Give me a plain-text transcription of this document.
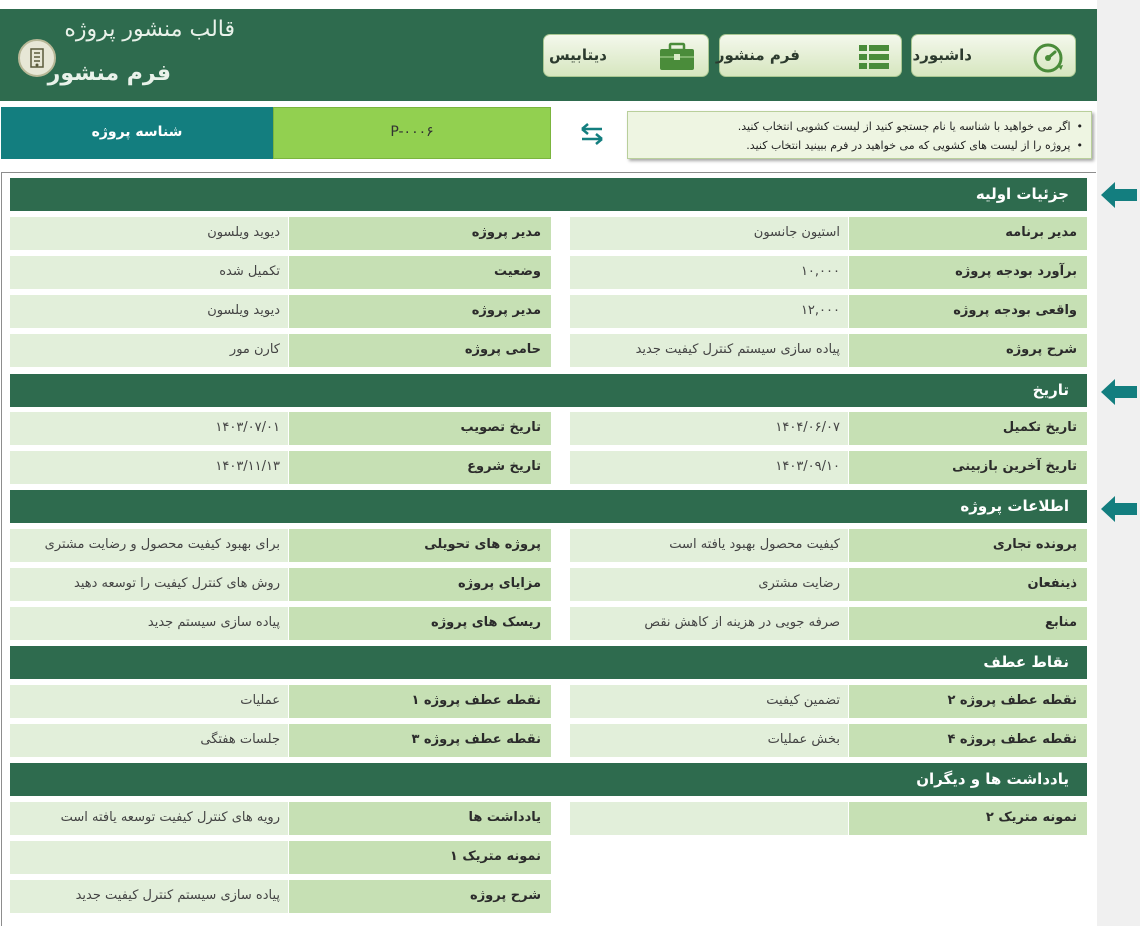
قالب منشور پروژه
فرم منشور
دیتابیس	فرم منشور	داشبورد
شناسه پروژه	P-۰۰۰۶
•	اگر می خواهید با شناسه یا نام جستجو کنید از لیست کشویی انتخاب کنید.
• پروژه را از لیست های کشویی که می خواهید در فرم ببینید انتخاب کنید.
جزئیات اولیه
مدیر برنامه
استیون جانسون
مدیر پروژه
دیوید ویلسون
برآورد بودجه پروژه
۱۰,۰۰۰
وضعیت
تکمیل شده
واقعی بودجه پروژه
۱۲,۰۰۰
مدیر پروژه
دیوید ویلسون
شرح پروژه
پیاده سازی سیستم کنترل کیفیت جدید
حامی پروژه
کارن مور
تاریخ
تاریخ تکمیل
۱۴۰۴/۰۶/۰۷
تاریخ تصویب
۱۴۰۳/۰۷/۰۱
تاریخ آخرین بازبینی
۱۴۰۳/۰۹/۱۰
تاریخ شروع
۱۴۰۳/۱۱/۱۳
اطلاعات پروژه
پرونده تجاری
کیفیت محصول بهبود یافته است
پروژه های تحویلی
برای بهبود کیفیت محصول و رضایت مشتری
ذینفعان
رضایت مشتری
مزایای پروژه
روش های کنترل کیفیت را توسعه دهید
منابع
صرفه جویی در هزینه از کاهش نقص
ریسک های پروژه
پیاده سازی سیستم جدید
نقاط عطف
نقطه عطف پروژه ۲
تضمین کیفیت
نقطه عطف پروژه ۱
عملیات
نقطه عطف پروژه ۴
بخش عملیات
نقطه عطف پروژه ۳
جلسات هفتگی
یادداشت ها و دیگران
نمونه متریک ۲
یادداشت ها
رویه های کنترل کیفیت توسعه یافته است
نمونه متریک ۱
شرح پروژه
پیاده سازی سیستم کنترل کیفیت جدید
